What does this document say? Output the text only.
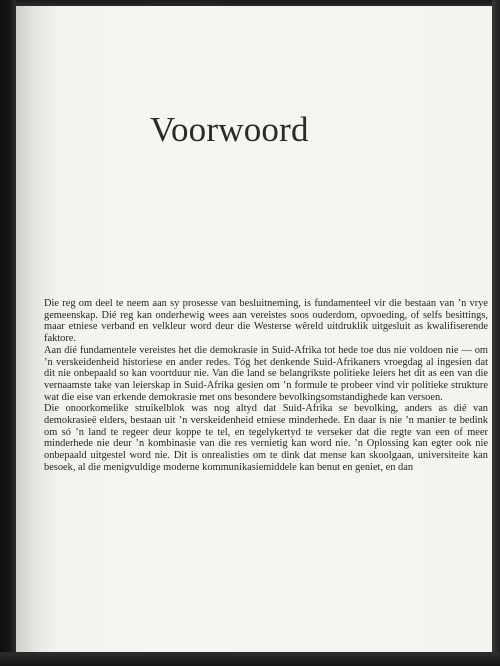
Voorwoord

Die reg om deel te neem aan sy prosesse van besluitneming, is fundamenteel vir die bestaan van ’n vrye gemeenskap. Dié reg kan onderhewig wees aan vereistes soos ouderdom, opvoeding, of selfs besittings, maar etniese verband en velkleur word deur die Westerse wêreld uitdruklik uitgesluit as kwalifiserende faktore.

Aan dié fundamentele vereistes het die demokrasie in Suid-Afrika tot hede toe dus nie voldoen nie — om ’n verskeidenheid historiese en ander redes. Tóg het denkende Suid-Afrikaners vroegdag al ingesien dat dit nie onbepaald so kan voortduur nie. Van die land se belangrikste politieke leiers het dit as een van die vernaamste take van leierskap in Suid-Afrika gesien om ’n formule te probeer vind vir politieke strukture wat die eise van erkende demokrasie met ons besondere bevolkingsomstandighede kan versoen.

Die onoorkomelike struikelblok was nog altyd dat Suid-Afrika se bevolking, anders as dié van demokrasieë elders, bestaan uit ’n verskeidenheid etniese minderhede. En daar is nie ’n manier te bedink om só ’n land te regeer deur koppe te tel, en tegelykertyd te verseker dat die regte van een of meer minderhede nie deur ’n kombinasie van die res vernietig kan word nie. ’n Oplossing kan egter ook nie onbepaald uitgestel word nie. Dit is onrealisties om te dink dat mense kan skoolgaan, universiteite kan besoek, al die menigvuldige moderne kommunikasiemiddele kan benut en geniet, en dan
